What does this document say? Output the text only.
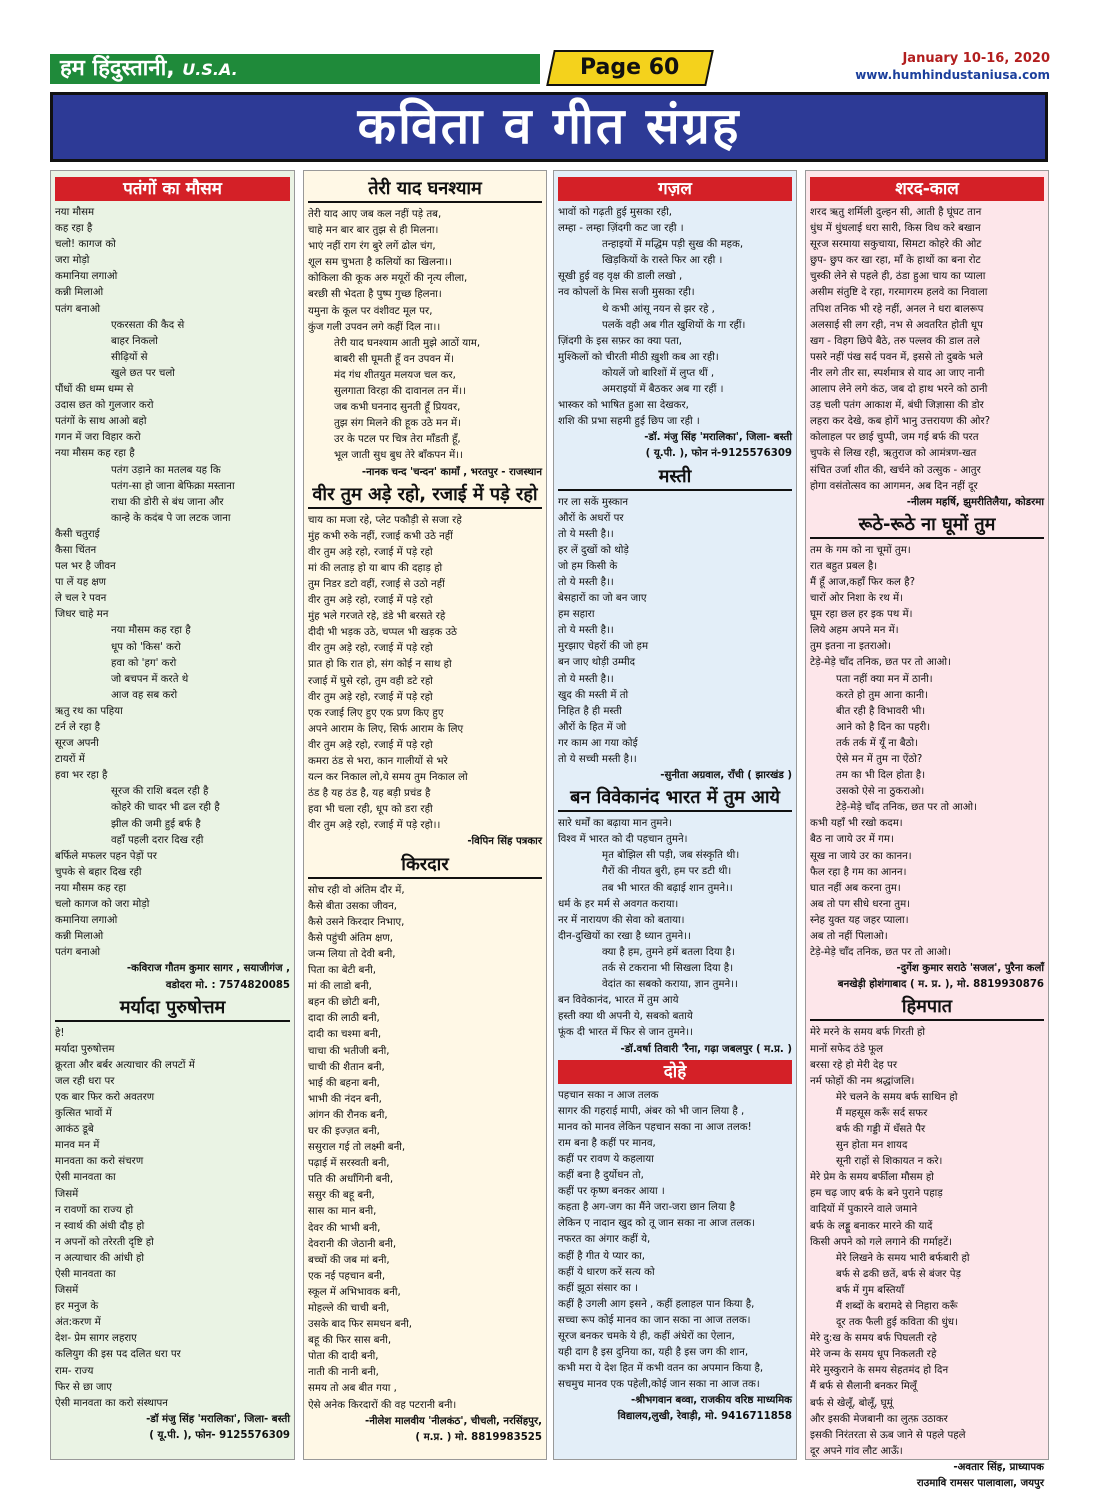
हम हिंदुस्तानी, U.S.A.	Page 60	January 10-16, 2020
www.humhindustaniusa.com
कविता व गीत संग्रह
पतंगों का मौसम
नया मौसम
कह रहा है
चलो! कागज को
जरा मोड़ो
कमानिया लगाओ
कन्नी मिलाओ
पतंग बनाओ
एकरसता की कैद से
बाहर निकलो
सीढ़ियों से
खुले छत पर चलो
पौंधों की धम्म धम्म से
उदास छत को गुलजार करो
पतंगों के साथ आओ बहो
गगन में जरा विहार करो
नया मौसम कह रहा है
पतंग उड़ाने का मतलब यह कि
पतंग-सा हो जाना बेफिक्रा मस्ताना
राधा की डोरी से बंध जाना और
कान्हे के कदंब पे जा लटक जाना
कैसी चतुराई
कैसा चिंतन
पल भर है जीवन
पा लें यह क्षण
ले चल रे पवन
जिधर चाहे मन
नया मौसम कह रहा है
धूप को 'किस' करो
हवा को 'हग' करो
जो बचपन में करते थे
आज वह सब करो
ऋतु रथ का पहिया
टर्न ले रहा है
सूरज अपनी
टायरों में
हवा भर रहा है
सूरज की राशि बदल रही है
कोहरे की चादर भी ढल रही है
झील की जमी हुई बर्फ है
वहाँ पहली दरार दिख रही
बर्फिले मफलर पहन पेड़ों पर
चुपके से बहार दिख रही
नया मौसम कह रहा
चलो कागज को जरा मोड़ो
कमानिया लगाओ
कन्नी मिलाओ
पतंग बनाओ
-कविराज गौतम कुमार सागर , सयाजीगंज ,
वडोदरा मो. : 7574820085
मर्यादा पुरुषोत्तम
हे!
मर्यादा पुरुषोत्तम
क्रूरता और बर्बर अत्याचार की लपटों में
जल रही धरा पर
एक बार फिर करो अवतरण
कुत्सित भावों में
आकंठ डूबे
मानव मन में
मानवता का करो संचरण
ऐसी मानवता का
जिसमें
न रावणों का राज्य हो
न स्वार्थ की अंधी दौड़ हो
न अपनों को तरेरती दृष्टि हो
न अत्याचार की आंधी हो
ऐसी मानवता का
जिसमें
हर मनुज के
अंत:करण में
देश- प्रेम सागर लहराए
कलियुग की इस पद दलित धरा पर
राम- राज्य
फिर से छा जाए
ऐसी मानवता का करो संस्थापन
-डॉ मंजु सिंह 'मरालिका', जिला- बस्ती
( यू.पी. ), फोन- 9125576309
तेरी याद घनश्याम
तेरी याद आए जब कल नहीं पड़े तब,
चाहे मन बार बार तुझ से ही मिलना।
भाएं नहीं राग रंग बुरे लगें ढोल चंग,
शूल सम चुभता है कलियों का खिलना।।
कोकिला की कूक अरु मयूरों की नृत्य लीला,
बरछी सी भेदता है पुष्प गुच्छ हिलना।
यमुना के कूल पर वंशीवट मूल पर,
कुंज गली उपवन लगे कहीं दिल ना।।
तेरी याद घनश्याम आती मुझे आठों याम,
बाबरी सी घूमती हूँ वन उपवन में।
मंद गंध शीतयुत मलयज चल कर,
सुलगाता विरहा की दावानल तन में।।
जब कभी घननाद सुनती हूँ प्रियवर,
तुझ संग मिलने की हूक उठे मन में।
उर के पटल पर चित्र तेरा माँडती हूँ,
भूल जाती सुध बुध तेरे बाँकपन में।।
-नानक चन्द 'चन्दन' कामाँ , भरतपुर - राजस्थान
वीर तुम अड़े रहो, रजाई में पड़े रहो
चाय का मजा रहे, प्लेट पकौड़ी से सजा रहे
मुंह कभी रुके नहीं, रजाई कभी उठे नहीं
वीर तुम अड़े रहो, रजाई में पड़े रहो
मां की लताड़ हो या बाप की दहाड़ हो
तुम निडर डटो वहीं, रजाई से उठो नहीं
वीर तुम अड़े रहो, रजाई में पड़े रहो
मुंह भले गरजते रहे, डंडे भी बरसते रहे
दीदी भी भड़क उठे, चप्पल भी खड़क उठे
वीर तुम अड़े रहो, रजाई में पड़े रहो
प्रात हो कि रात हो, संग कोई न साथ हो
रजाई में घुसे रहो, तुम वही डटे रहो
वीर तुम अड़े रहो, रजाई में पड़े रहो
एक रजाई लिए हुए एक प्रण किए हुए
अपने आराम के लिए, सिर्फ आराम के लिए
वीर तुम अड़े रहो, रजाई में पड़े रहो
कमरा ठंड से भरा, कान गालीयों से भरे
यत्न कर निकाल लो,ये समय तुम निकाल लो
ठंड है यह ठंड है, यह बड़ी प्रचंड है
हवा भी चला रही, धूप को डरा रही
वीर तुम अड़े रहो, रजाई में पड़े रहो।।
-विपिन सिंह पत्रकार
किरदार
सोच रही वो अंतिम दौर में,
कैसे बीता उसका जीवन,
कैसे उसने किरदार निभाए,
कैसे पहुंची अंतिम क्षण,
जन्म लिया तो देवी बनी,
पिता का बेटी बनी,
मां की लाडो बनी,
बहन की छोटी बनी,
दादा की लाठी बनी,
दादी का चश्मा बनी,
चाचा की भतीजी बनी,
चाची की शैतान बनी,
भाई की बहना बनी,
भाभी की नंदन बनी,
आंगन की रौनक बनी,
घर की इज्ज़त बनी,
ससुराल गई तो लक्ष्मी बनी,
पढ़ाई में सरस्वती बनी,
पति की अर्धांगिनी बनी,
ससुर की बहू बनी,
सास का मान बनी,
देवर की भाभी बनी,
देवरानी की जेठानी बनी,
बच्चों की जब मां बनी,
एक नई पहचान बनी,
स्कूल में अभिभावक बनी,
मोहल्ले की चाची बनी,
उसके बाद फिर समधन बनी,
बहू की फिर सास बनी,
पोता की दादी बनी,
नाती की नानी बनी,
समय तो अब बीत गया ,
ऐसे अनेक किरदारों की वह पटरानी बनी।
-नीलेश मालवीय 'नीलकंठ', चीचली, नरसिंहपुर,
( म.प्र. ) मो. 8819983525
गज़ल
भावों को गढ़ती हुई मुसका रही,
लम्हा - लम्हा ज़िंदगी कट जा रही ।
तन्हाइयों में मद्धिम पड़ी सुख की महक,
खिड़कियों के रास्ते फिर आ रही ।
सूखी हुई वह वृक्ष की डाली लखो ,
नव कोपलों के मिस सजी मुसका रही।
थे कभी आंसू नयन से झर रहे ,
पलकें वही अब गीत खुशियों के गा रहीं।
ज़िंदगी के इस सफ़र का क्या पता,
मुश्किलों को चीरती मीठी ख़ुशी कब आ रही।
कोयलें जो बारिशों में लुप्त थीं ,
अमराइयों में बैठकर अब गा रहीं ।
भास्कर को भाषित हुआ सा देखकर,
शशि की प्रभा सहमी हुई छिप जा रही ।
-डॉ. मंजु सिंह 'मरालिका', जिला- बस्ती
( यू.पी. ), फोन नं-9125576309
मस्ती
गर ला सकें मुस्कान
औरों के अधरों पर
तो ये मस्ती है।।
हर लें दुखों को थोड़े
जो हम किसी के
तो ये मस्ती है।।
बेसहारों का जो बन जाए
हम सहारा
तो ये मस्ती है।।
मुरझाए चेहरों की जो हम
बन जाए थोड़ी उम्मीद
तो ये मस्ती है।।
खुद की मस्ती में तो
निहित है ही मस्ती
औरों के हित में जो
गर काम आ गया कोई
तो ये सच्ची मस्ती है।।
-सुनीता अग्रवाल, राँची ( झारखंड )
बन विवेकानंद भारत में तुम आये
सारे धर्मों का बढ़ाया मान तुमने।
विश्व में भारत को दी पहचान तुमने।
मृत बोझिल सी पड़ी, जब संस्कृति थी।
गैरों की नीयत बुरी, हम पर डटी थी।
तब भी भारत की बढ़ाई शान तुमने।।
धर्म के हर मर्म से अवगत कराया।
नर में नारायण की सेवा को बताया।
दीन-दुखियों का रखा है ध्यान तुमने।।
क्या है हम, तुमने हमें बतला दिया है।
तर्क से टकराना भी सिखला दिया है।
वेदांत का सबको कराया, ज्ञान तुमने।।
बन विवेकानंद, भारत में तुम आये
हस्ती क्या थी अपनी ये, सबको बताये
फूंक दी भारत में फिर से जान तुमने।।
-डॉ.वर्षा तिवारी 'रैना, गढ़ा जबलपुर ( म.प्र. )
दोहे
पहचान सका न आज तलक
सागर की गहराई मापी, अंबर को भी जान लिया है ,
मानव को मानव लेकिन पहचान सका ना आज तलक!
राम बना है कहीं पर मानव,
कहीं पर रावण ये कहलाया
कहीं बना है दुर्योधन तो,
कहीं पर कृष्ण बनकर आया ।
कहता है अग-जग का मैंने जरा-जरा छान लिया है
लेकिन ए नादान खुद को तू जान सका ना आज तलक।
नफरत का अंगार कहीं ये,
कहीं है गीत ये प्यार का,
कहीं ये धारण करें सत्य को
कहीं झूठा संसार का ।
कहीं है उगली आग इसने , कहीं हलाहल पान किया है,
सच्चा रूप कोई मानव का जान सका ना आज तलक।
सूरज बनकर चमके ये ही, कहीं अंधेरों का ऐलान,
यही दाग है इस दुनिया का, यही है इस जग की शान,
कभी मरा ये देश हित में कभी वतन का अपमान किया है,
सचमुच मानव एक पहेली,कोई जान सका ना आज तक।
-श्रीभगवान बव्वा, राजकीय वरिष्ठ माध्यमिक
विद्यालय,लुखी, रेवाड़ी, मो. 9416711858
शरद-काल
शरद ऋतु शर्मिली दुल्हन सी, आती है घूंघट तान
धुंध में धुंधलाई धरा सारी, किस विध करे बखान
सूरज सरमाया सकुचाया, सिमटा कोहरे की ओट
छुप- छुप कर खा रहा, माँ के हाथों का बना रोट
चुस्की लेने से पहले ही, ठंडा हुआ चाय का प्याला
असीम संतुष्टि दे रहा, गरमागरम हलवे का निवाला
तपिश तनिक भी रहे नहीं, अनल ने धरा बालरूप
अलसाई सी लग रही, नभ से अवतरित होती धूप
खग - विहग छिपे बैठे, तरु पल्लव की डाल तले
पसरे नहीं पंख सर्द पवन में, इससे तो दुबके भले
नीर लगे तीर सा, स्पर्शमात्र से याद आ जाए नानी
आलाप लेने लगे कंठ, जब दो हाथ भरने को ठानी
उड़ चली पतंग आकाश में, बंधी जिज्ञासा की डोर
लहरा कर देखे, कब होगें भानु उत्तरायण की ओर?
कोलाहल पर छाई चुप्पी, जम गई बर्फ की परत
चुपके से लिख रही, ऋतुराज को आमंत्रण-खत
संचित उर्जा शीत की, खर्चने को उत्सुक - आतुर
होगा वसंतोत्सव का आगमन, अब दिन नहीं दूर
-नीलम महर्षि, झुमरीतिलैया, कोडरमा
रूठे-रूठे ना घूमों तुम
तम के गम को ना चूमों तुम।
रात बहुत प्रबल है।
मैं हूँ आज,कहाँ फिर कल है?
चारों ओर निशा के रथ में।
घूम रहा छल हर इक पथ में।
लिये अहम अपने मन में।
तुम इतना ना इतराओ।
टेड़े-मेड़े चाँद तनिक, छत पर तो आओ।
पता नहीं क्या मन में ठानी।
करते हो तुम आना कानी।
बीत रही है विभावरी भी।
आने को है दिन का पहरी।
तर्क तर्क में यूँ ना बैठो।
ऐसे मन में तुम ना ऐंठो?
तम का भी दिल होता है।
उसको ऐसे ना ठुकराओ।
टेड़े-मेड़े चाँद तनिक, छत पर तो आओ।
कभी यहाँ भी रखो कदम।
बैठ ना जाये उर में गम।
सूख ना जाये उर का कानन।
फैल रहा है गम का आनन।
घात नहीं अब करना तुम।
अब तो पग सीधे धरना तुम।
स्नेह युक्त यह जहर प्याला।
अब तो नहीं पिलाओ।
टेड़े-मेड़े चाँद तनिक, छत पर तो आओ।
-दुर्गेश कुमार सराठे 'सजल', पुरैना कलाँ
बनखेड़ी होशंगाबाद ( म. प्र. ), मो. 8819930876
हिमपात
मेरे मरने के समय बर्फ गिरती हो
मानों सफेद ठंडे फूल
बरसा रहे हो मेरी देह पर
नर्म फोहों की नम श्रद्धांजलि।
मेरे चलने के समय बर्फ साथिन हो
मैं महसूस करूँ सर्द सफर
बर्फ की गड्डी में धँसते पैर
सुन होता मन शायद
सूनी राहों से शिकायत न करे।
मेरे प्रेम के समय बर्फीला मौसम हो
हम चढ़ जाए बर्फ के बने पुराने पहाड़
वादियों में पुकारने वाले जमाने
बर्फ के लड्डू बनाकर मारने की यादें
किसी अपने को गले लगाने की गर्माहटें।
मेरे लिखने के समय भारी बर्फबारी हो
बर्फ से ढकी छतें, बर्फ से बंजर पेड़
बर्फ में गुम बस्तियाँ
मैं शब्दों के बरामदे से निहारा करूँ
दूर तक फैली हुई कविता की धुंध।
मेरे दु:ख के समय बर्फ पिघलती रहे
मेरे जन्म के समय धूप निकलती रहे
मेरे मुस्कुराने के समय सेहतमंद हो दिन
मैं बर्फ से सैलानी बनकर मिलूँ
बर्फ से खेलूँ, बोलूँ, घूमूं
और इसकी मेजबानी का लुत्फ़ उठाकर
इसकी निरंतरता से ऊब जाने से पहले पहले
दूर अपने गांव लौट आऊँ।
-अवतार सिंह, प्राध्यापक
राउमावि रामसर पालावाला, जयपुर
